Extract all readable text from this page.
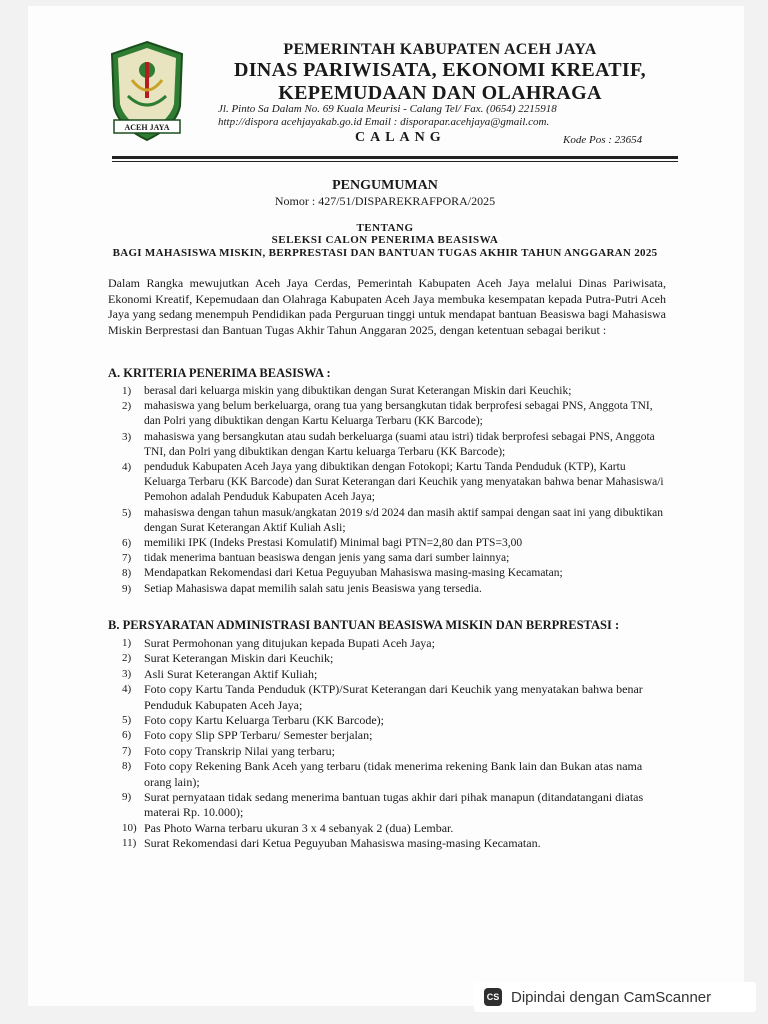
ACEH JAYA
PEMERINTAH KABUPATEN ACEH JAYA
DINAS PARIWISATA, EKONOMI KREATIF,
KEPEMUDAAN DAN OLAHRAGA
Jl. Pinto Sa Dalam No. 69 Kuala Meurisi - Calang Tel/ Fax. (0654) 2215918
http://dispora acehjayakab.go.id Email : disporapar.acehjaya@gmail.com.
CALANG	Kode Pos : 23654
PENGUMUMAN
Nomor : 427/51/DISPAREKRAFPORA/2025
TENTANG
SELEKSI CALON PENERIMA BEASISWA
BAGI MAHASISWA MISKIN, BERPRESTASI DAN BANTUAN TUGAS AKHIR TAHUN ANGGARAN 2025
Dalam Rangka mewujutkan Aceh Jaya Cerdas, Pemerintah Kabupaten Aceh Jaya melalui Dinas Pariwisata, Ekonomi Kreatif, Kepemudaan dan Olahraga Kabupaten Aceh Jaya membuka kesempatan kepada Putra-Putri Aceh Jaya yang sedang menempuh Pendidikan pada Perguruan tinggi untuk mendapat bantuan Beasiswa bagi Mahasiswa Miskin Berprestasi dan Bantuan Tugas Akhir Tahun Anggaran 2025, dengan ketentuan sebagai berikut :
A. KRITERIA PENERIMA BEASISWA :
1) berasal dari keluarga miskin yang dibuktikan dengan Surat Keterangan Miskin dari Keuchik;
2) mahasiswa yang belum berkeluarga, orang tua yang bersangkutan tidak berprofesi sebagai PNS, Anggota TNI, dan Polri yang dibuktikan dengan Kartu Keluarga Terbaru (KK Barcode);
3) mahasiswa yang bersangkutan atau sudah berkeluarga (suami atau istri) tidak berprofesi sebagai PNS, Anggota TNI, dan Polri yang dibuktikan dengan Kartu keluarga Terbaru (KK Barcode);
4) penduduk Kabupaten Aceh Jaya yang dibuktikan dengan Fotokopi; Kartu Tanda Penduduk (KTP), Kartu Keluarga Terbaru (KK Barcode) dan Surat Keterangan dari Keuchik yang menyatakan bahwa benar Mahasiswa/i Pemohon adalah Penduduk Kabupaten Aceh Jaya;
5) mahasiswa dengan tahun masuk/angkatan 2019 s/d 2024 dan masih aktif sampai dengan saat ini yang dibuktikan dengan Surat Keterangan Aktif Kuliah Asli;
6) memiliki IPK (Indeks Prestasi Komulatif) Minimal bagi PTN=2,80 dan PTS=3,00
7) tidak menerima bantuan beasiswa dengan jenis yang sama dari sumber lainnya;
8) Mendapatkan Rekomendasi dari Ketua Peguyuban Mahasiswa masing-masing Kecamatan;
9) Setiap Mahasiswa dapat memilih salah satu jenis Beasiswa yang tersedia.
B. PERSYARATAN ADMINISTRASI BANTUAN BEASISWA MISKIN DAN BERPRESTASI :
1) Surat Permohonan yang ditujukan kepada Bupati Aceh Jaya;
2) Surat Keterangan Miskin dari Keuchik;
3) Asli Surat Keterangan Aktif Kuliah;
4) Foto copy Kartu Tanda Penduduk (KTP)/Surat Keterangan dari Keuchik yang menyatakan bahwa benar Penduduk Kabupaten Aceh Jaya;
5) Foto copy Kartu Keluarga Terbaru (KK Barcode);
6) Foto copy Slip SPP Terbaru/ Semester berjalan;
7) Foto copy Transkrip Nilai yang terbaru;
8) Foto copy Rekening Bank Aceh yang terbaru (tidak menerima rekening Bank lain dan Bukan atas nama orang lain);
9) Surat pernyataan tidak sedang menerima bantuan tugas akhir dari pihak manapun (ditandatangani diatas materai Rp. 10.000);
10) Pas Photo Warna terbaru ukuran 3 x 4 sebanyak 2 (dua) Lembar.
11) Surat Rekomendasi dari Ketua Peguyuban Mahasiswa masing-masing Kecamatan.
CS Dipindai dengan CamScanner
